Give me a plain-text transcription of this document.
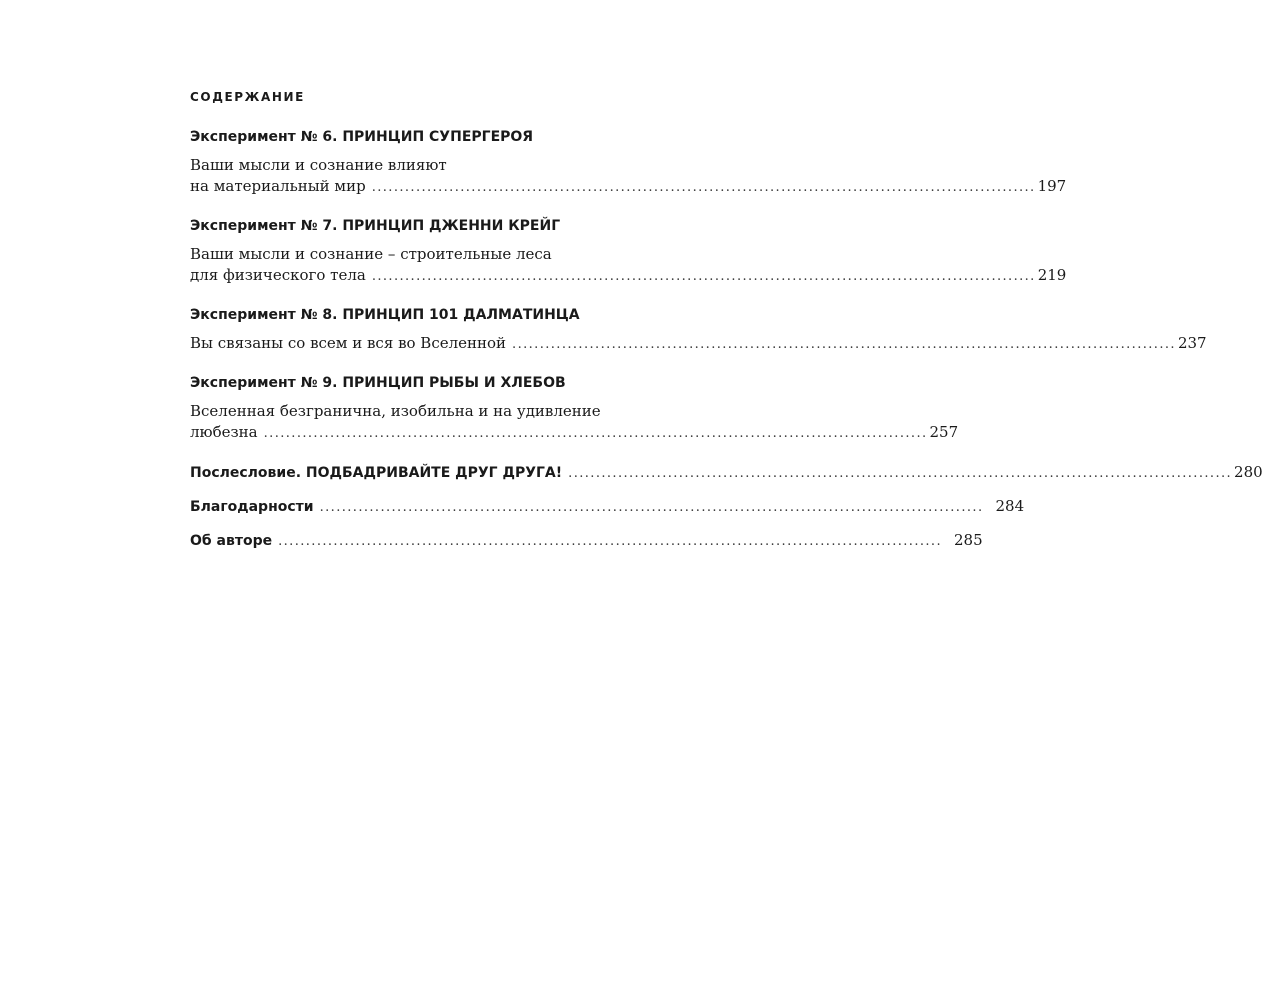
СОДЕРЖАНИЕ
Эксперимент № 6. ПРИНЦИП СУПЕРГЕРОЯ
Ваши мысли и сознание влияют
на материальный мир ........................................................................................................................ 197
Эксперимент № 7. ПРИНЦИП ДЖЕННИ КРЕЙГ
Ваши мысли и сознание – строительные леса
для физического тела ........................................................................................................................ 219
Эксперимент № 8. ПРИНЦИП 101 ДАЛМАТИНЦА
Вы связаны со всем и вся во Вселенной ........................................................................................................................ 237
Эксперимент № 9. ПРИНЦИП РЫБЫ И ХЛЕБОВ
Вселенная безгранична, изобильна и на удивление
любезна ........................................................................................................................ 257
Послесловие. ПОДБАДРИВАЙТЕ ДРУГ ДРУГА! ........................................................................................................................ 280
Благодарности ........................................................................................................................ 284
Об авторе ........................................................................................................................ 285
